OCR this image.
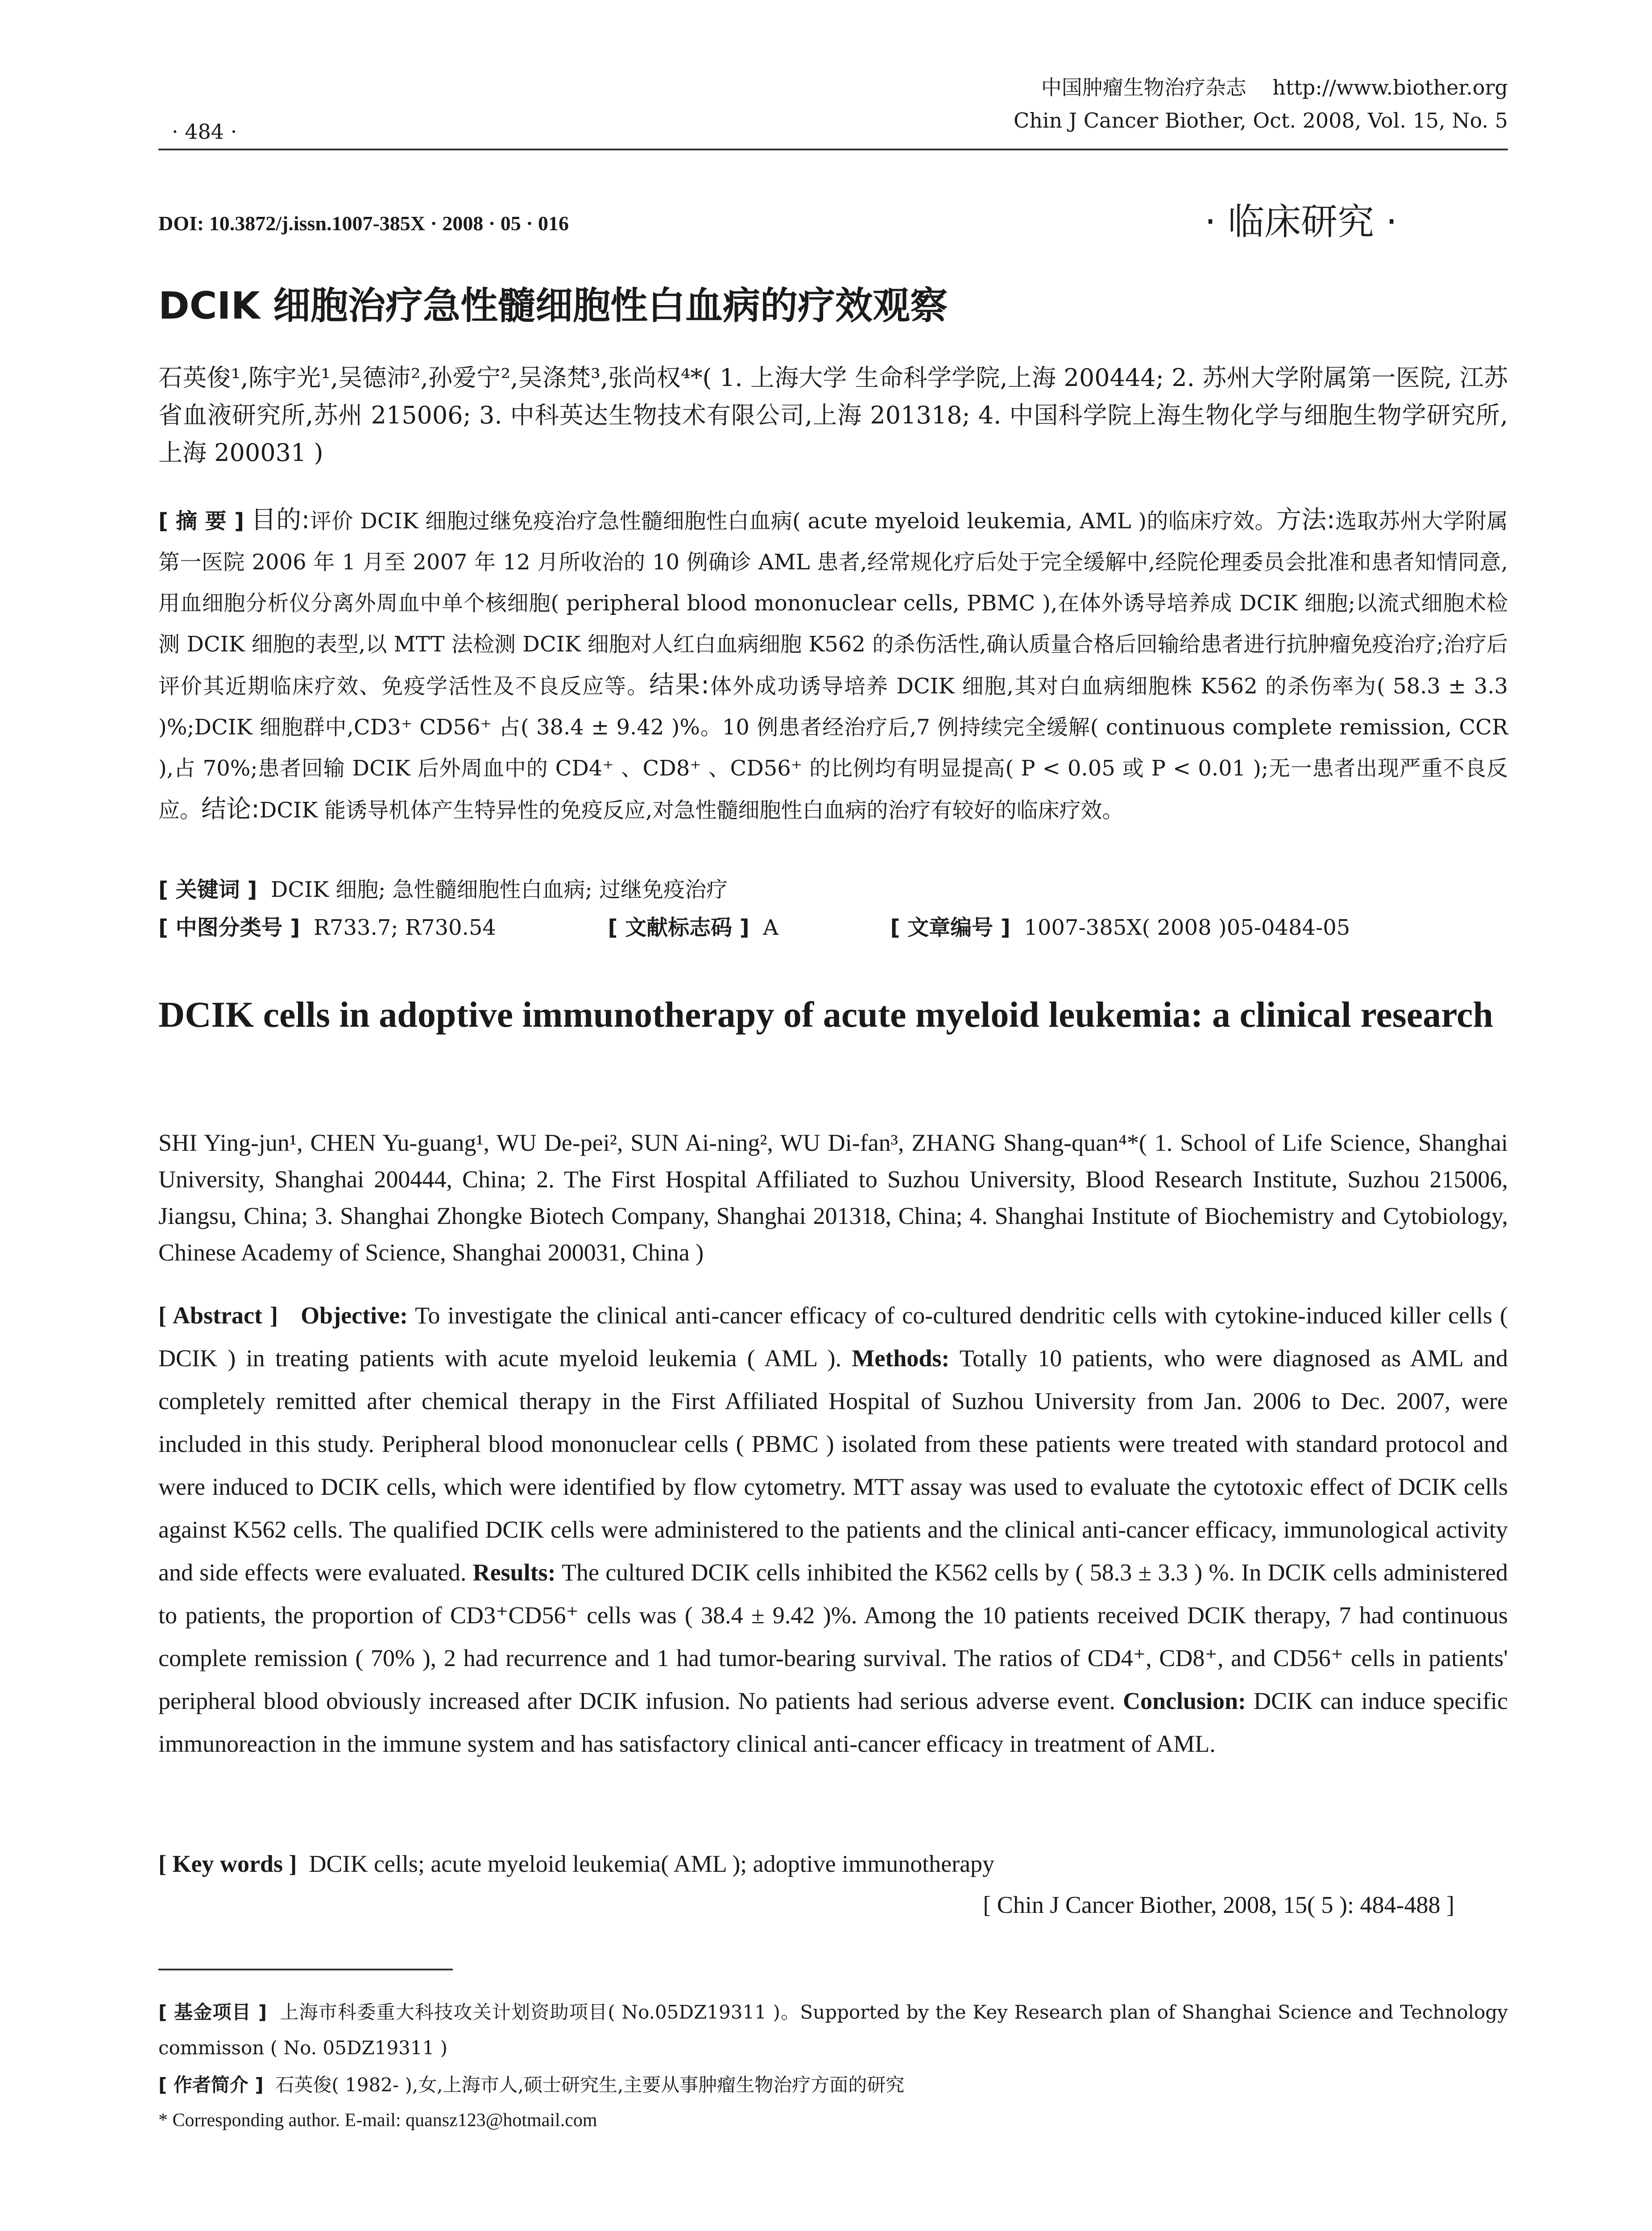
中国肿瘤生物治疗杂志 http://www.biother.org
Chin J Cancer Biother, Oct. 2008, Vol. 15, No. 5
· 484 ·
DOI: 10.3872/j.issn.1007-385X · 2008 · 05 · 016	· 临床研究 ·
DCIK 细胞治疗急性髓细胞性白血病的疗效观察
石英俊¹,陈宇光¹,吴德沛²,孙爱宁²,吴涤梵³,张尚权⁴*( 1. 上海大学 生命科学学院,上海 200444; 2. 苏州大学附属第一医院, 江苏省血液研究所,苏州 215006; 3. 中科英达生物技术有限公司,上海 201318; 4. 中国科学院上海生物化学与细胞生物学研究所,上海 200031 )
[ 摘 要 ] 目的:评价 DCIK 细胞过继免疫治疗急性髓细胞性白血病( acute myeloid leukemia, AML )的临床疗效。方法:选取苏州大学附属第一医院 2006 年 1 月至 2007 年 12 月所收治的 10 例确诊 AML 患者,经常规化疗后处于完全缓解中,经院伦理委员会批准和患者知情同意,用血细胞分析仪分离外周血中单个核细胞( peripheral blood mononuclear cells, PBMC ),在体外诱导培养成 DCIK 细胞;以流式细胞术检测 DCIK 细胞的表型,以 MTT 法检测 DCIK 细胞对人红白血病细胞 K562 的杀伤活性,确认质量合格后回输给患者进行抗肿瘤免疫治疗;治疗后评价其近期临床疗效、免疫学活性及不良反应等。结果:体外成功诱导培养 DCIK 细胞,其对白血病细胞株 K562 的杀伤率为( 58.3 ± 3.3 )%;DCIK 细胞群中,CD3⁺ CD56⁺ 占( 38.4 ± 9.42 )%。10 例患者经治疗后,7 例持续完全缓解( continuous complete remission, CCR ),占 70%;患者回输 DCIK 后外周血中的 CD4⁺ 、CD8⁺ 、CD56⁺ 的比例均有明显提高( P < 0.05 或 P < 0.01 );无一患者出现严重不良反应。结论:DCIK 能诱导机体产生特异性的免疫反应,对急性髓细胞性白血病的治疗有较好的临床疗效。
[ 关键词 ] DCIK 细胞; 急性髓细胞性白血病; 过继免疫治疗
[ 中图分类号 ] R733.7; R730.54	[ 文献标志码 ] A	[ 文章编号 ] 1007-385X( 2008 )05-0484-05
DCIK cells in adoptive immunotherapy of acute myeloid leukemia: a clinical research
SHI Ying-jun¹, CHEN Yu-guang¹, WU De-pei², SUN Ai-ning², WU Di-fan³, ZHANG Shang-quan⁴*( 1. School of Life Science, Shanghai University, Shanghai 200444, China; 2. The First Hospital Affiliated to Suzhou University, Blood Research Institute, Suzhou 215006, Jiangsu, China; 3. Shanghai Zhongke Biotech Company, Shanghai 201318, China; 4. Shanghai Institute of Biochemistry and Cytobiology, Chinese Academy of Science, Shanghai 200031, China )
[ Abstract ] Objective: To investigate the clinical anti-cancer efficacy of co-cultured dendritic cells with cytokine-induced killer cells ( DCIK ) in treating patients with acute myeloid leukemia ( AML ). Methods: Totally 10 patients, who were diagnosed as AML and completely remitted after chemical therapy in the First Affiliated Hospital of Suzhou University from Jan. 2006 to Dec. 2007, were included in this study. Peripheral blood mononuclear cells ( PBMC ) isolated from these patients were treated with standard protocol and were induced to DCIK cells, which were identified by flow cytometry. MTT assay was used to evaluate the cytotoxic effect of DCIK cells against K562 cells. The qualified DCIK cells were administered to the patients and the clinical anti-cancer efficacy, immunological activity and side effects were evaluated. Results: The cultured DCIK cells inhibited the K562 cells by ( 58.3 ± 3.3 ) %. In DCIK cells administered to patients, the proportion of CD3⁺CD56⁺ cells was ( 38.4 ± 9.42 )%. Among the 10 patients received DCIK therapy, 7 had continuous complete remission ( 70% ), 2 had recurrence and 1 had tumor-bearing survival. The ratios of CD4⁺, CD8⁺, and CD56⁺ cells in patients' peripheral blood obviously increased after DCIK infusion. No patients had serious adverse event. Conclusion: DCIK can induce specific immunoreaction in the immune system and has satisfactory clinical anti-cancer efficacy in treatment of AML.
[ Key words ] DCIK cells; acute myeloid leukemia( AML ); adoptive immunotherapy
[ Chin J Cancer Biother, 2008, 15( 5 ): 484-488 ]
[ 基金项目 ] 上海市科委重大科技攻关计划资助项目( No.05DZ19311 )。Supported by the Key Research plan of Shanghai Science and Technology commisson ( No. 05DZ19311 )
[ 作者简介 ] 石英俊( 1982- ),女,上海市人,硕士研究生,主要从事肿瘤生物治疗方面的研究
* Corresponding author. E-mail: quansz123@hotmail.com
